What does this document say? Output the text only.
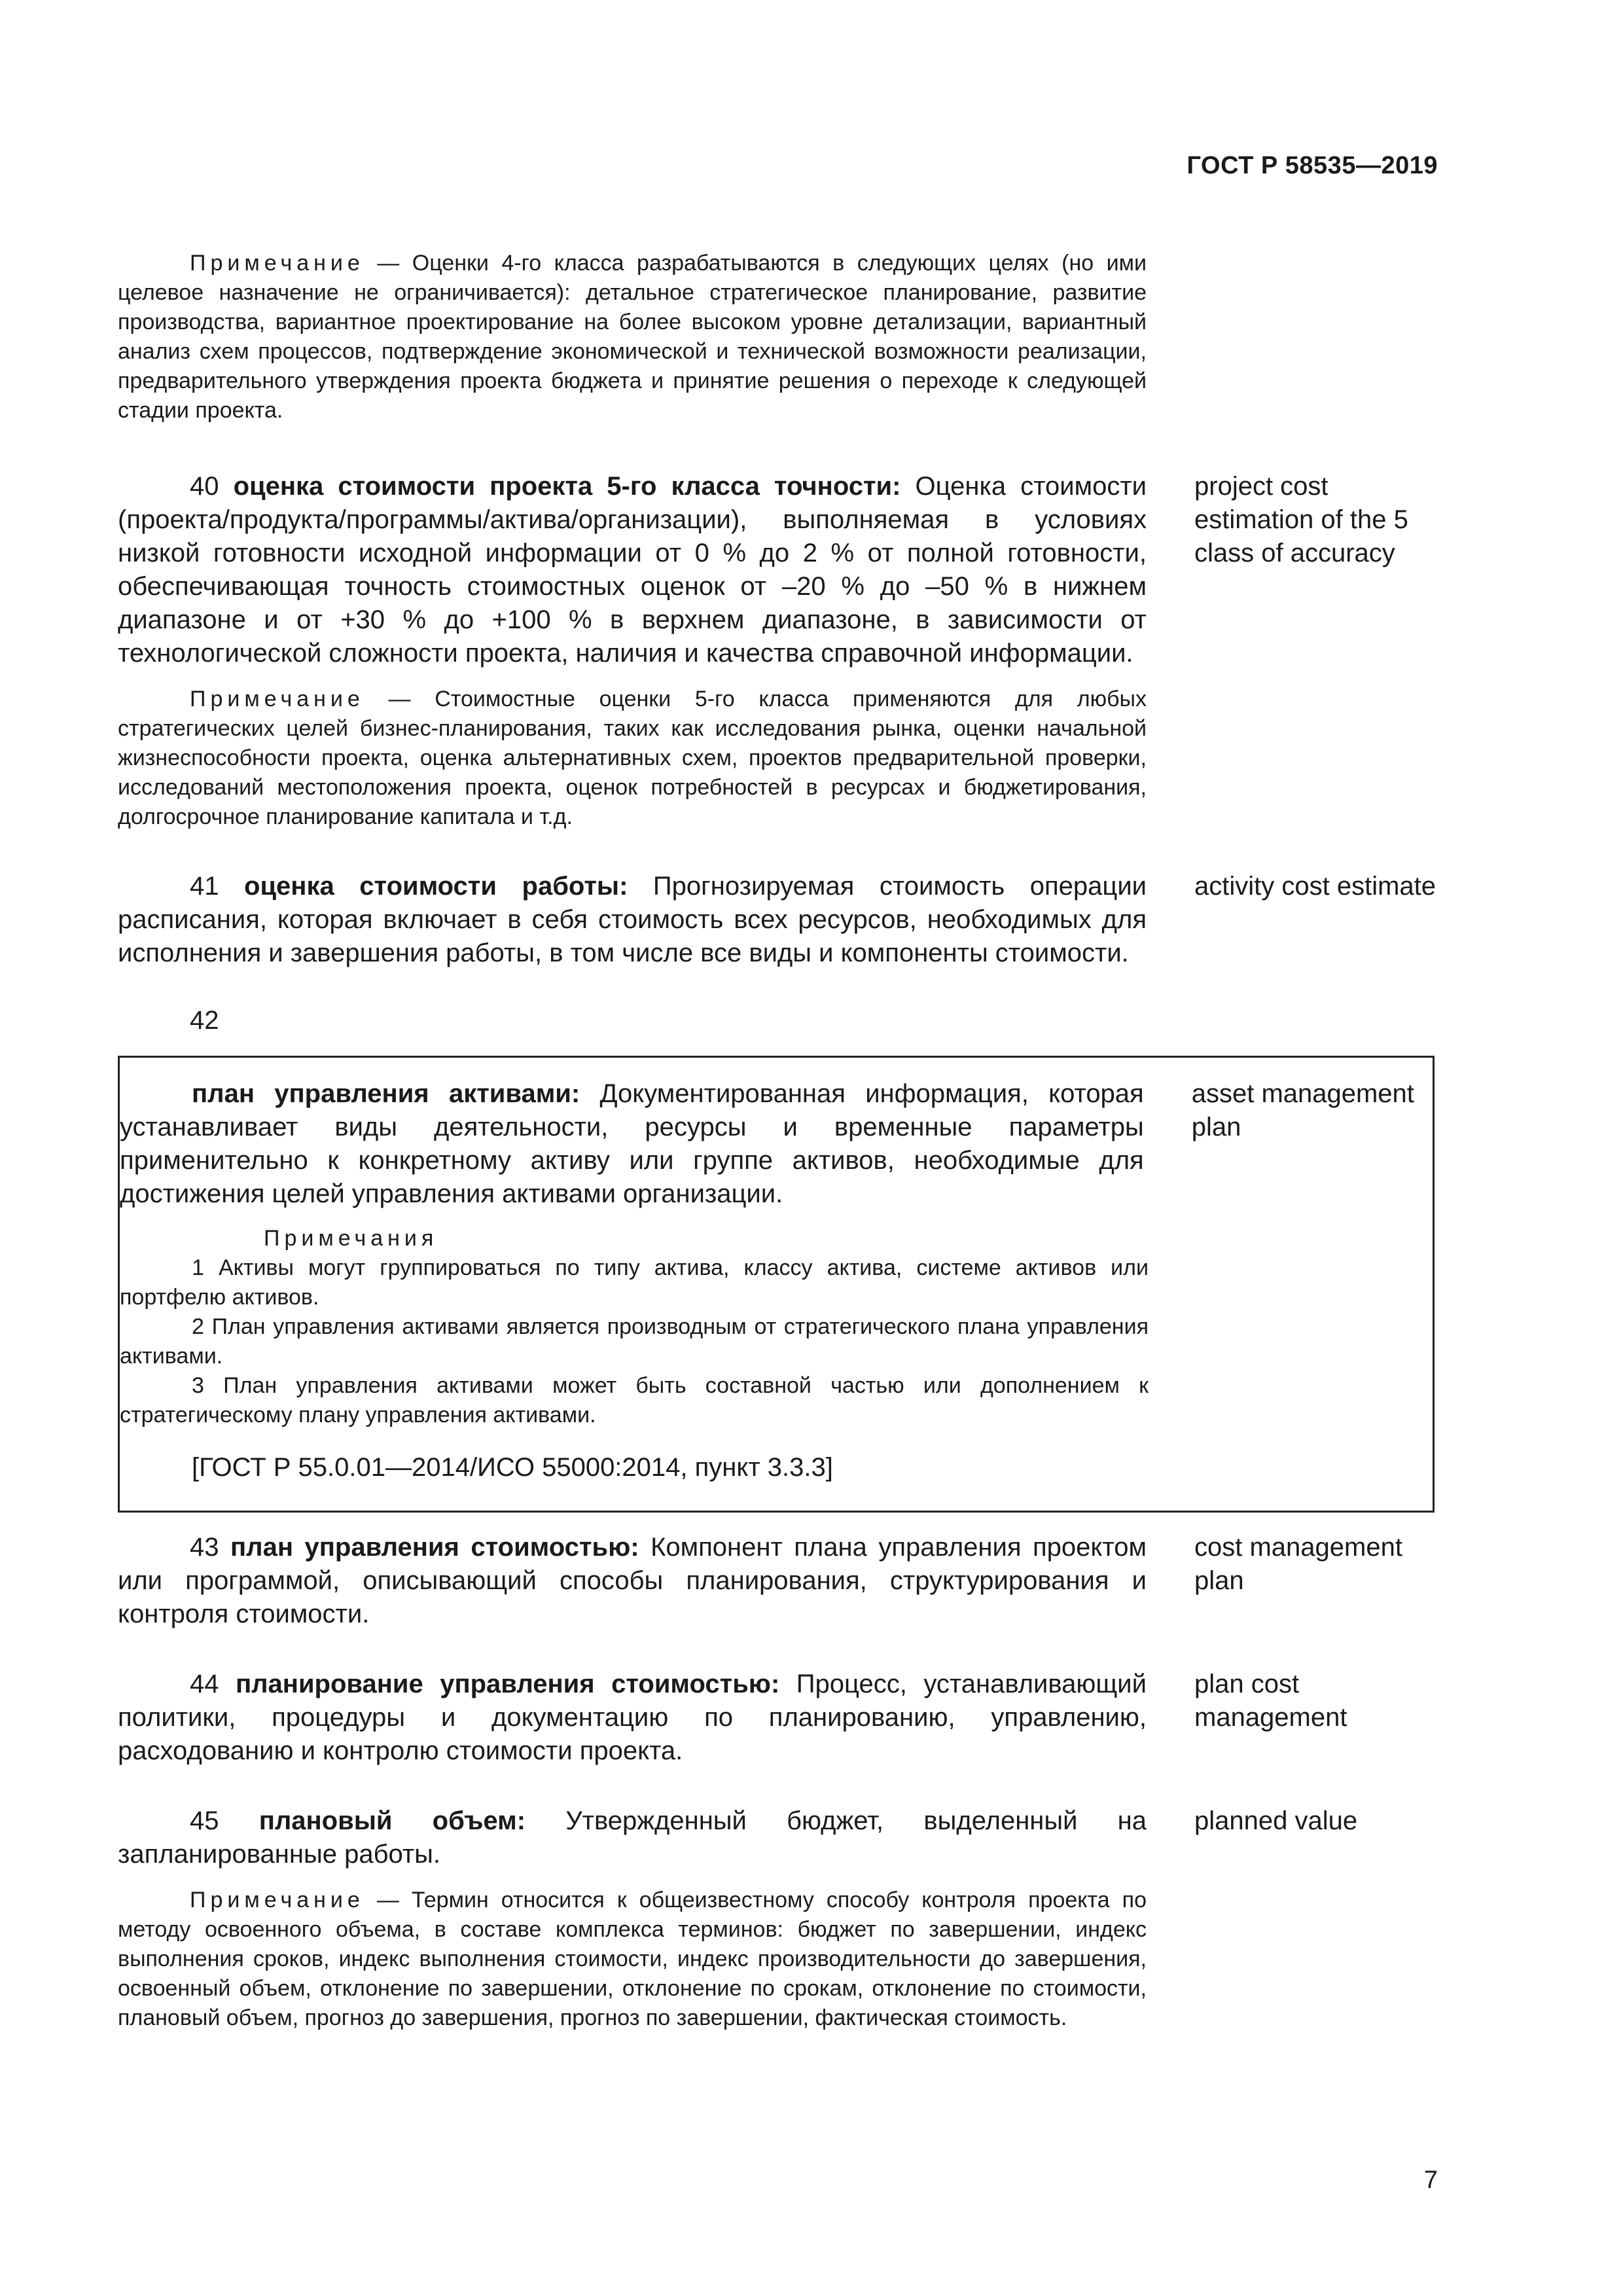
ГОСТ Р 58535—2019

Примечание — Оценки 4-го класса разрабатываются в следующих целях (но ими целевое назначение не ограничивается): детальное стратегическое планирование, развитие производства, вариантное проектирование на более высоком уровне детализации, вариантный анализ схем процессов, подтверждение экономической и технической возможности реализации, предварительного утверждения проекта бюджета и принятие решения о переходе к следующей стадии проекта.

40 оценка стоимости проекта 5-го класса точности: Оценка стоимости (проекта/продукта/программы/актива/организации), выполняемая в условиях низкой готовности исходной информации от 0 % до 2 % от полной готовности, обеспечивающая точность стоимостных оценок от –20 % до –50 % в нижнем диапазоне и от +30 % до +100 % в верхнем диапазоне, в зависимости от технологической сложности проекта, наличия и качества справочной информации.

project cost estimation of the 5 class of accuracy

Примечание — Стоимостные оценки 5-го класса применяются для любых стратегических целей бизнес-планирования, таких как исследования рынка, оценки начальной жизнеспособности проекта, оценка альтернативных схем, проектов предварительной проверки, исследований местоположения проекта, оценок потребностей в ресурсах и бюджетирования, долгосрочное планирование капитала и т.д.

41 оценка стоимости работы: Прогнозируемая стоимость операции расписания, которая включает в себя стоимость всех ресурсов, необходимых для исполнения и завершения работы, в том числе все виды и компоненты стоимости.

activity cost estimate
42

план управления активами: Документированная информация, которая устанавливает виды деятельности, ресурсы и временные параметры применительно к конкретному активу или группе активов, необходимые для достижения целей управления активами организации.

asset management plan

Примечания

1 Активы могут группироваться по типу актива, классу актива, системе активов или портфелю активов.

2 План управления активами является производным от стратегического плана управления активами.

3 План управления активами может быть составной частью или дополнением к стратегическому плану управления активами.

[ГОСТ Р 55.0.01—2014/ИСО 55000:2014, пункт 3.3.3]

43 план управления стоимостью: Компонент плана управления проектом или программой, описывающий способы планирования, структурирования и контроля стоимости.

cost management plan

44 планирование управления стоимостью: Процесс, устанавливающий политики, процедуры и документацию по планированию, управлению, расходованию и контролю стоимости проекта.

plan cost management

45 плановый объем: Утвержденный бюджет, выделенный на запланированные работы.

planned value

Примечание — Термин относится к общеизвестному способу контроля проекта по методу освоенного объема, в составе комплекса терминов: бюджет по завершении, индекс выполнения сроков, индекс выполнения стоимости, индекс производительности до завершения, освоенный объем, отклонение по завершении, отклонение по срокам, отклонение по стоимости, плановый объем, прогноз до завершения, прогноз по завершении, фактическая стоимость.

7
